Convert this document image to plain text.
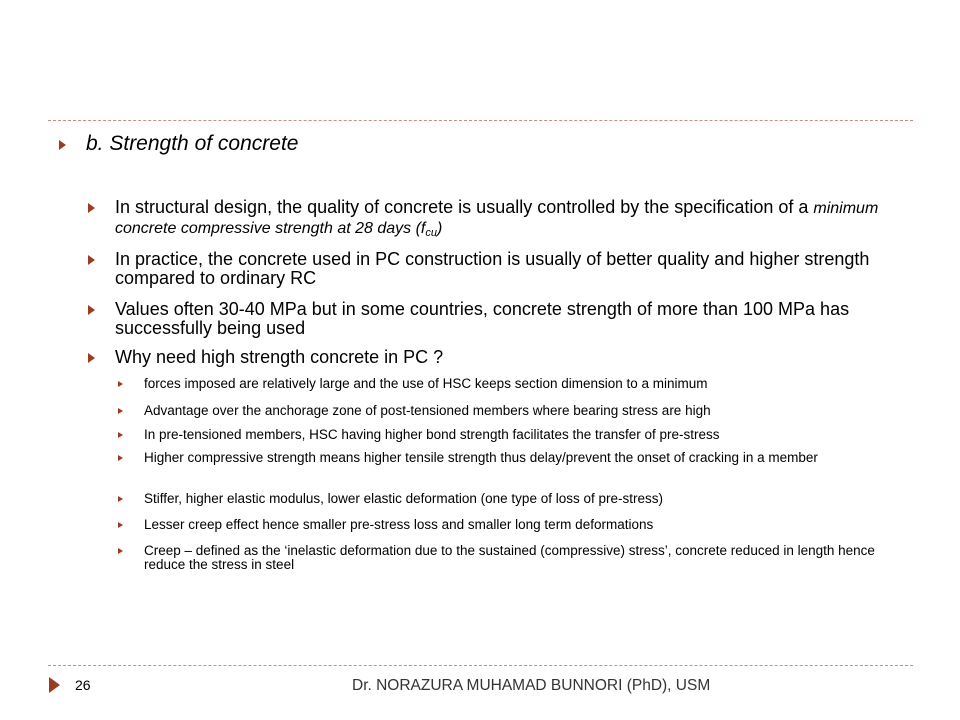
b. Strength of concrete
In structural design, the quality of concrete is usually controlled by the specification of a minimum concrete compressive strength at 28 days $(f_{cu})$
In practice, the concrete used in PC construction is usually of better quality and higher strength compared to ordinary RC
Values often 30-40 MPa but in some countries, concrete strength of more than 100 MPa has successfully being used
Why need high strength concrete in PC ?
forces imposed are relatively large and the use of HSC keeps section dimension to a minimum
Advantage over the anchorage zone of post-tensioned members where bearing stress are high
In pre-tensioned members, HSC having higher bond strength facilitates the transfer of pre-stress
Higher compressive strength means higher tensile strength thus delay/prevent the onset of cracking in a member
Stiffer, higher elastic modulus, lower elastic deformation (one type of loss of pre-stress)
Lesser creep effect hence smaller pre-stress loss and smaller long term deformations
Creep – defined as the ‘inelastic deformation due to the sustained (compressive) stress’, concrete reduced in length hence reduce the stress in steel
26	Dr. NORAZURA MUHAMAD BUNNORI (PhD), USM
